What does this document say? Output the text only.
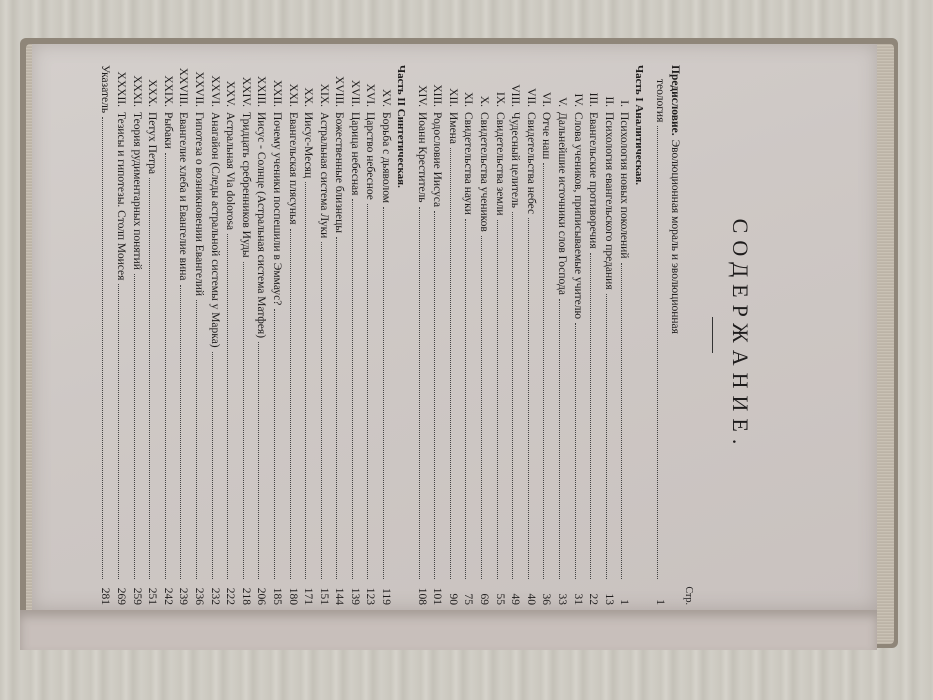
СОДЕРЖАНИЕ.
Стр.
Предисловие.
Эволюционная мораль и эволюционная
теология
1
Часть I Аналитическая.
I.
Психология новых поколений
1
II.
Психология евангельского предания
13
III.
Евангельские противоречия
22
IV.
Слова учеников, приписываемые учителю
31
V.
Дальнейшие источники слов Господа
33
VI.
Отче наш
36
VII.
Свидетельства небес
40
VIII.
Чудесный целитель
49
IX.
Свидетельства земли
55
X.
Свидетельства учеников
69
XI.
Свидетельства науки
75
XII.
Имена
90
XIII.
Родословие Иисуса
101
XIV.
Иоанн Креститель
108
Часть II Синтетическая.
XV.
Борьба с дьяволом
119
XVI.
Царство небесное
123
XVII.
Царица небесная
139
XVIII.
Божественные близнецы
144
XIX.
Астральная система Луки
151
XX.
Иисус-Месяц
171
XXI.
Евангельская плясунья
180
XXII.
Почему ученики поспешили в Эммаус?
185
XXIII.
Иисус - Солнце (Астральная система Матфея)
206
XXIV.
Тридцать сребренников Иуды
218
XXV.
Астральная Via dolorosa
222
XXVI.
Анагайон (Следы астральной системы у Марка)
232
XXVII.
Гипотеза о возникновении Евангелий
236
XXVIII.
Евангелие хлеба и Евангелие вина
239
XXIX.
Рыбаки
242
XXX.
Петух Петра
251
XXXI.
Теория рудиментарных понятий
259
XXXII.
Тезисы и гипотезы. Столп Моисея
269
Указатель
281
